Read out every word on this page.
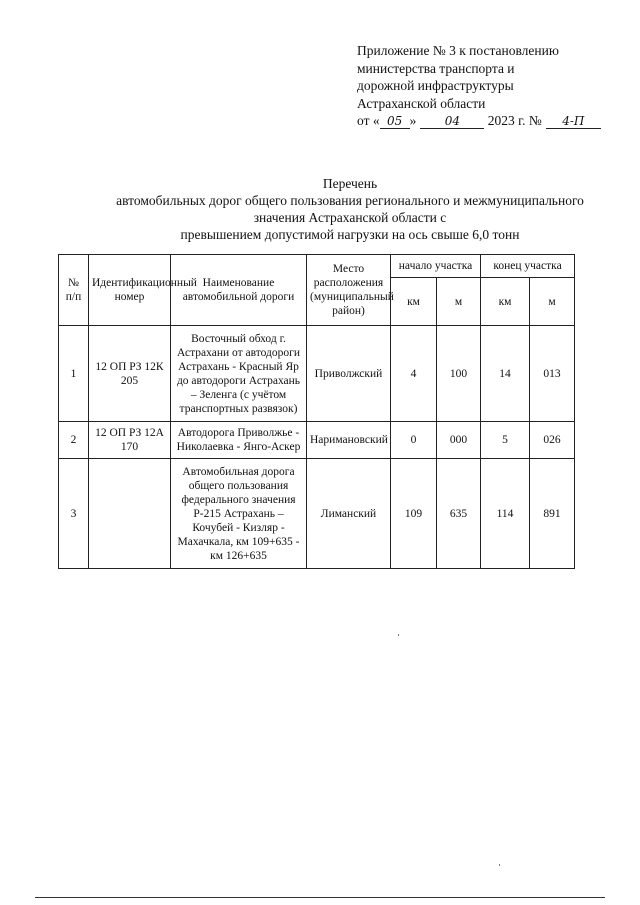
Приложение № 3 к постановлению
министерства транспорта и
дорожной инфраструктуры
Астраханской области
от « 05 » 04 2023 г. № 4-П
Перечень
автомобильных дорог общего пользования регионального и межмуниципального
значения Астраханской области с
превышением допустимой нагрузки на ось свыше 6,0 тонн
№ п/п	Идентификационный номер	Наименование автомобильной дороги	Место расположения (муниципальный район)	начало участка		конец участка	
				км	м	км	м
1	12 ОП РЗ 12К 205	Восточный обход г. Астрахани от автодороги Астрахань - Красный Яр до автодороги Астрахань – Зеленга (с учётом транспортных развязок)	Приволжский	4	100	14	013
2	12 ОП РЗ 12А 170	Автодорога Приволжье - Николаевка - Янго-Аскер	Наримановский	0	000	5	026
3		Автомобильная дорога общего пользования федерального значения Р-215 Астрахань – Кочубей - Кизляр - Махачкала, км 109+635 - км 126+635	Лиманский	109	635	114	891
